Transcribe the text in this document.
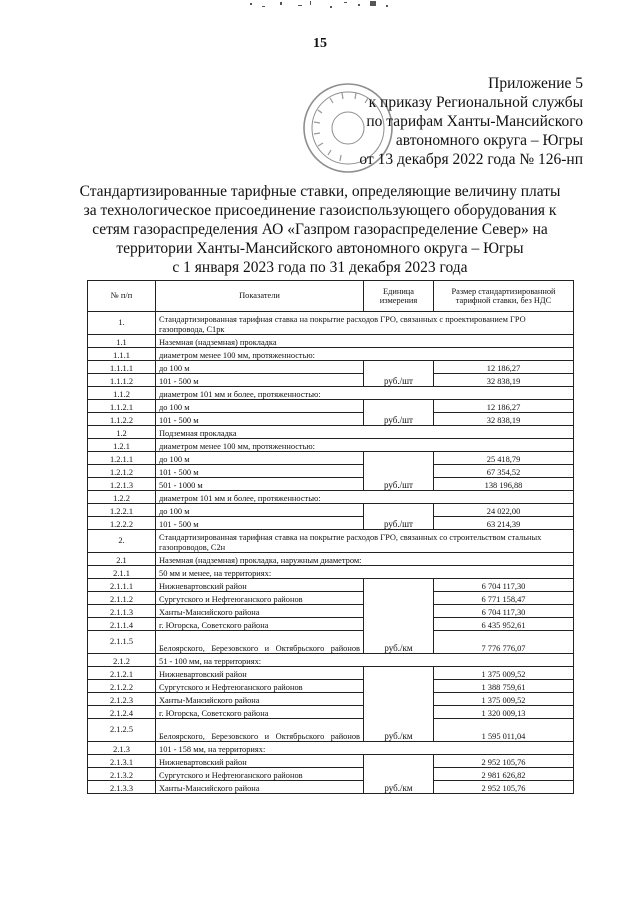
15
Приложение 5
к приказу Региональной службы
по тарифам Ханты-Мансийского
автономного округа – Югры
от 13 декабря 2022 года № 126-нп
Стандартизированные тарифные ставки, определяющие величину платы
за технологическое присоединение газоиспользующего оборудования к
сетям газораспределения АО «Газпром газораспределение Север» на
территории Ханты-Мансийского автономного округа – Югры
с 1 января 2023 года по 31 декабря 2023 года
№ п/п	Показатели	Единица измерения	Размер стандартизированной тарифной ставки, без НДС
1.	Стандартизированная тарифная ставка на покрытие расходов ГРО, связанных с проектированием ГРО газопровода, С1рк		
1.1	Наземная (надземная) прокладка		
1.1.1	диаметром менее 100 мм, протяженностью:		
1.1.1.1	до 100 м	руб./шт	12 186,27
1.1.1.2	101 - 500 м		32 838,19
1.1.2	диаметром 101 мм и более, протяженностью:		
1.1.2.1	до 100 м	руб./шт	12 186,27
1.1.2.2	101 - 500 м		32 838,19
1.2	Подземная прокладка		
1.2.1	диаметром менее 100 мм, протяженностью:		
1.2.1.1	до 100 м	руб./шт	25 418,79
1.2.1.2	101 - 500 м		67 354,52
1.2.1.3	501 - 1000 м		138 196,88
1.2.2	диаметром 101 мм и более, протяженностью:		
1.2.2.1	до 100 м	руб./шт	24 022,00
1.2.2.2	101 - 500 м		63 214,39
2.	Стандартизированная тарифная ставка на покрытие расходов ГРО, связанных со строительством стальных газопроводов, С2н		
2.1	Наземная (надземная) прокладка, наружным диаметром:		
2.1.1	50 мм и менее, на территориях:		
2.1.1.1	Нижневартовский район	руб./км	6 704 117,30
2.1.1.2	Сургутского и Нефтеюганского районов		6 771 158,47
2.1.1.3	Ханты-Мансийского района		6 704 117,30
2.1.1.4	г. Югорска, Советского района		6 435 952,61
2.1.1.5	Белоярского, Березовского и Октябрьского районов		7 776 776,07
2.1.2	51 - 100 мм, на территориях:		
2.1.2.1	Нижневартовский район	руб./км	1 375 009,52
2.1.2.2	Сургутского и Нефтеюганского районов		1 388 759,61
2.1.2.3	Ханты-Мансийского района		1 375 009,52
2.1.2.4	г. Югорска, Советского района		1 320 009,13
2.1.2.5	Белоярского, Березовского и Октябрьского районов		1 595 011,04
2.1.3	101 - 158 мм, на территориях:		
2.1.3.1	Нижневартовский район	руб./км	2 952 105,76
2.1.3.2	Сургутского и Нефтеюганского районов		2 981 626,82
2.1.3.3	Ханты-Мансийского района		2 952 105,76
